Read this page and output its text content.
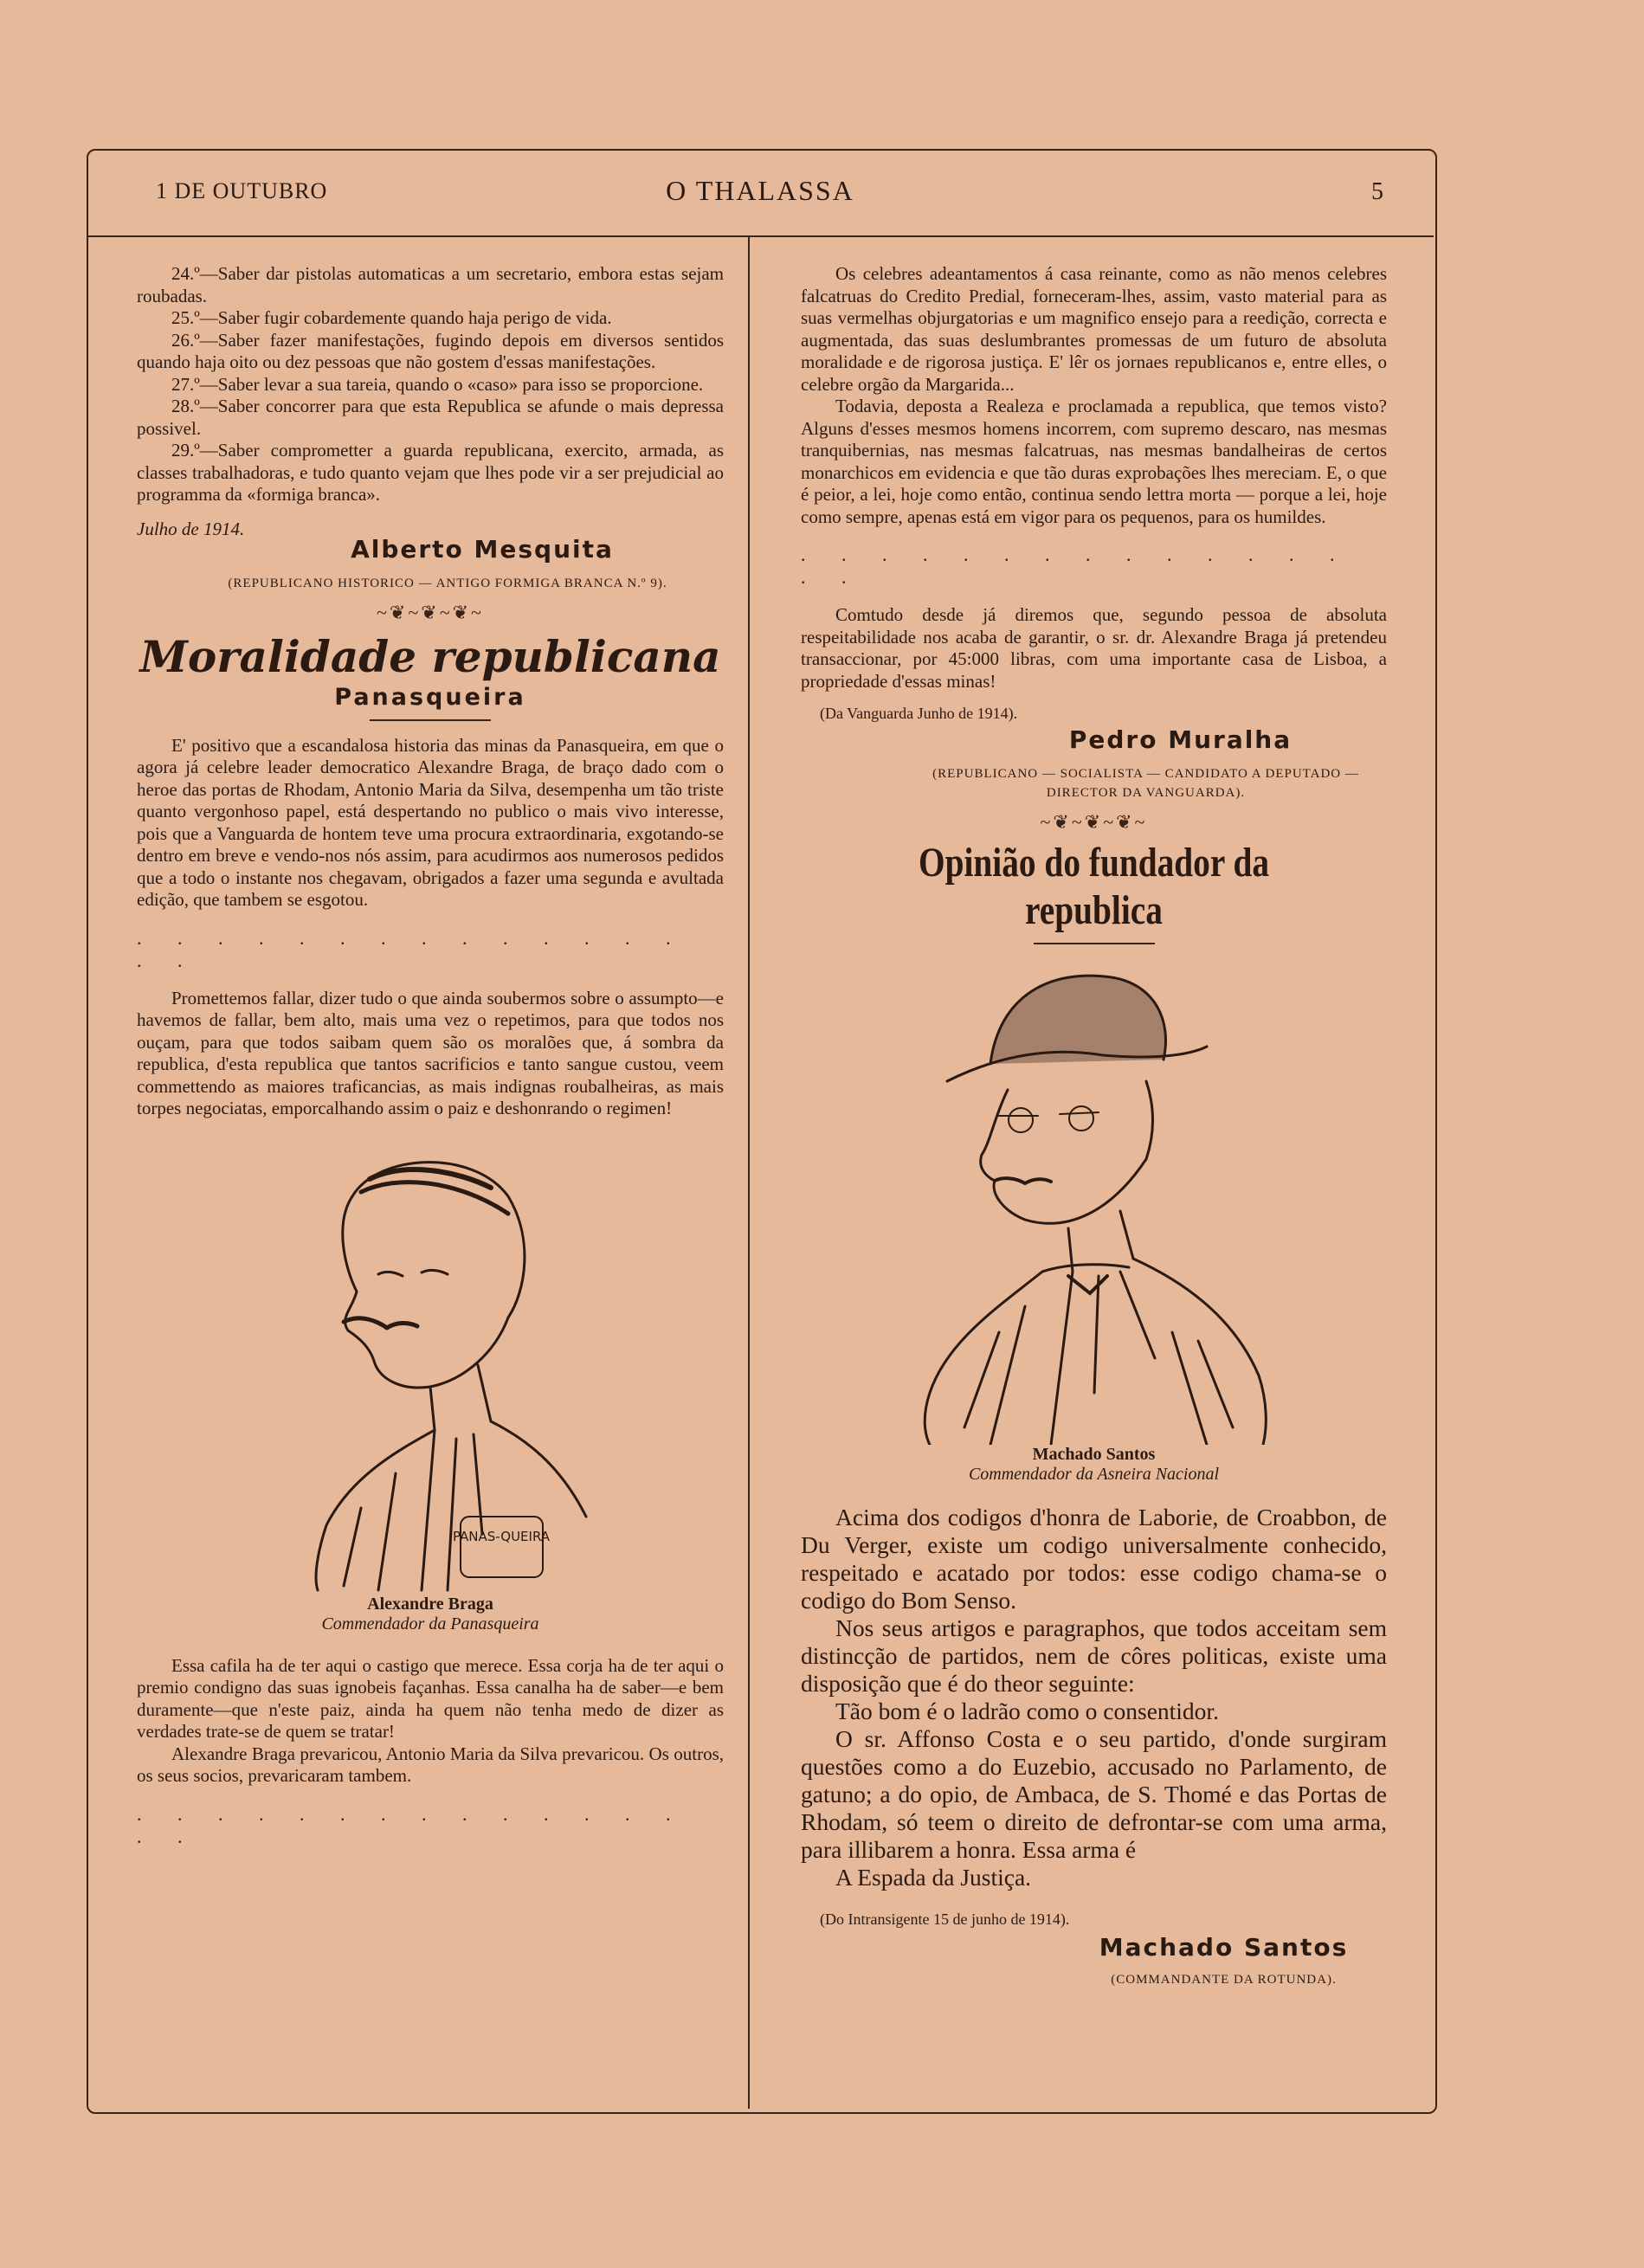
1 DE OUTUBRO	O THALASSA	5

24.º—Saber dar pistolas automaticas a um secretario, embora estas sejam roubadas.

25.º—Saber fugir cobardemente quando haja perigo de vida.

26.º—Saber fazer manifestações, fugindo depois em diversos sentidos quando haja oito ou dez pessoas que não gostem d'essas manifestações.

27.º—Saber levar a sua tareia, quando o «caso» para isso se proporcione.

28.º—Saber concorrer para que esta Republica se afunde o mais depressa possivel.

29.º—Saber comprometter a guarda republicana, exercito, armada, as classes trabalhadoras, e tudo quanto vejam que lhes pode vir a ser prejudicial ao programma da «formiga branca».

Julho de 1914.
Alberto Mesquita
(REPUBLICANO HISTORICO — ANTIGO FORMIGA BRANCA N.º 9).
~❦~❦~❦~
Moralidade republicana
Panasqueira

E' positivo que a escandalosa historia das minas da Panasqueira, em que o agora já celebre leader democratico Alexandre Braga, de braço dado com o heroe das portas de Rhodam, Antonio Maria da Silva, desempenha um tão triste quanto vergonhoso papel, está despertando no publico o mais vivo interesse, pois que a Vanguarda de hontem teve uma procura extraordinaria, exgotando-se dentro em breve e vendo-nos nós assim, para acudirmos aos numerosos pedidos que a todo o instante nos chegavam, obrigados a fazer uma segunda e avultada edição, que tambem se esgotou.

. . . . . . . . . . . . . . . .

Promettemos fallar, dizer tudo o que ainda soubermos sobre o assumpto—e havemos de fallar, bem alto, mais uma vez o repetimos, para que todos nos ouçam, para que todos saibam quem são os moralões que, á sombra da republica, d'esta republica que tantos sacrificios e tanto sangue custou, veem commettendo as maiores traficancias, as mais indignas roubalheiras, as mais torpes negociatas, emporcalhando assim o paiz e deshonrando o regimen!

PANAS-QUEIRA
Alexandre Braga
Commendador da Panasqueira

Essa cafila ha de ter aqui o castigo que merece. Essa corja ha de ter aqui o premio condigno das suas ignobeis façanhas. Essa canalha ha de saber—e bem duramente—que n'este paiz, ainda ha quem não tenha medo de dizer as verdades trate-se de quem se tratar!

Alexandre Braga prevaricou, Antonio Maria da Silva prevaricou. Os outros, os seus socios, prevaricaram tambem.

. . . . . . . . . . . . . . . .

Os celebres adeantamentos á casa reinante, como as não menos celebres falcatruas do Credito Predial, forneceram-lhes, assim, vasto material para as suas vermelhas objurgatorias e um magnifico ensejo para a reedição, correcta e augmentada, das suas deslumbrantes promessas de um futuro de absoluta moralidade e de rigorosa justiça. E' lêr os jornaes republicanos e, entre elles, o celebre orgão da Margarida...

Todavia, deposta a Realeza e proclamada a republica, que temos visto? Alguns d'esses mesmos homens incorrem, com supremo descaro, nas mesmas tranquibernias, nas mesmas falcatruas, nas mesmas bandalheiras de certos monarchicos em evidencia e que tão duras exprobações lhes mereciam. E, o que é peior, a lei, hoje como então, continua sendo lettra morta — porque a lei, hoje como sempre, apenas está em vigor para os pequenos, para os humildes.

. . . . . . . . . . . . . . . .

Comtudo desde já diremos que, segundo pessoa de absoluta respeitabilidade nos acaba de garantir, o sr. dr. Alexandre Braga já pretendeu transaccionar, por 45:000 libras, com uma importante casa de Lisboa, a propriedade d'essas minas!

(Da Vanguarda Junho de 1914).
Pedro Muralha
(REPUBLICANO — SOCIALISTA — CANDIDATO A DEPUTADO — DIRECTOR DA VANGUARDA).
~❦~❦~❦~
Opinião do fundador da republica
Machado Santos
Commendador da Asneira Nacional

Acima dos codigos d'honra de Laborie, de Croabbon, de Du Verger, existe um codigo universalmente conhecido, respeitado e acatado por todos: esse codigo chama-se o codigo do Bom Senso.

Nos seus artigos e paragraphos, que todos acceitam sem distincção de partidos, nem de côres politicas, existe uma disposição que é do theor seguinte:

Tão bom é o ladrão como o consentidor.

O sr. Affonso Costa e o seu partido, d'onde surgiram questões como a do Euzebio, accusado no Parlamento, de gatuno; a do opio, de Ambaca, de S. Thomé e das Portas de Rhodam, só teem o direito de defrontar-se com uma arma, para illibarem a honra. Essa arma é

A Espada da Justiça.

(Do Intransigente 15 de junho de 1914).
Machado Santos
(COMMANDANTE DA ROTUNDA).
